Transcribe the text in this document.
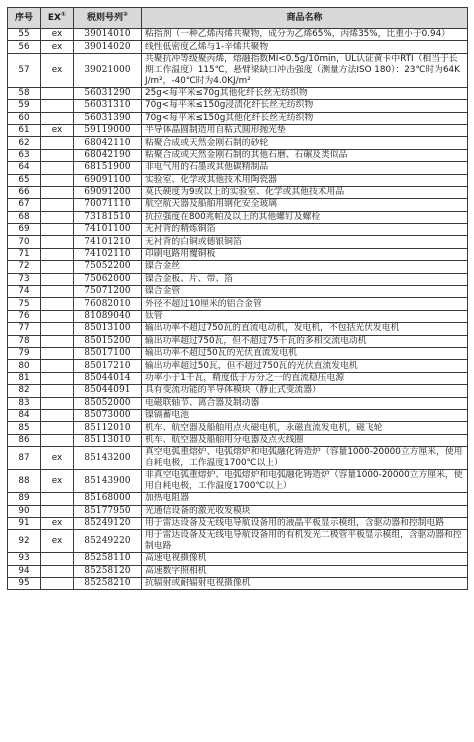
序号	EX①	税则号列②	商品名称
55	ex	39014010	粘指剂（一种乙烯丙烯共聚物，成分为乙烯65%，丙烯35%，比重小于0.94）
56	ex	39014020	线性低密度乙烯与1-辛烯共聚物
57	ex	39021000	共聚抗冲等级聚丙烯，熔融指数MI<0.5g/10min，UL认证黄卡中RTI（相当于长期工作温度）115℃，悬臂梁缺口冲击强度（测量方法ISO 180）：23℃时为64KJ/m²，-40℃时为4.0KJ/m²
58		56031290	25g<每平米≤70g其他化纤长丝无纺织物
59		56031310	70g<每平米≤150g浸渍化纤长丝无纺织物
60		56031390	70g<每平米≤150g其他化纤长丝无纺织物
61	ex	59119000	半导体晶圆制造用自粘式圆形抛光垫
62		68042110	粘聚合成或天然金刚石制的砂轮
63		68042190	粘聚合成或天然金刚石制的其他石磨、石碾及类似品
64		68151900	非电气用的石墨或其他碳精制品
65		69091100	实验室、化学或其他技术用陶瓷器
66		69091200	莫氏硬度为9或以上的实验室、化学或其他技术用品
67		70071110	航空航天器及船舶用钢化安全玻璃
68		73181510	抗拉强度在800兆帕及以上的其他螺钉及螺栓
69		74101100	无衬背的精炼铜箔
70		74101210	无衬背的白铜或德银铜箔
71		74102110	印刷电路用覆铜板
72		75052200	镍合金丝
73		75062000	镍合金板、片、带、箔
74		75071200	镍合金管
75		76082010	外径不超过10厘米的铝合金管
76		81089040	钛管
77		85013100	输出功率不超过750瓦的直流电动机，发电机，不包括光伏发电机
78		85015200	输出功率超过750瓦，但不超过75千瓦的多相交流电动机
79		85017100	输出功率不超过50瓦的光伏直流发电机
80		85017210	输出功率超过50瓦，但不超过750瓦的光伏直流发电机
81		85044014	功率小于1千瓦，精度低于万分之一的直流稳压电源
82		85044091	具有变流功能的半导体模块（静止式变流器）
83		85052000	电磁联轴节、离合器及制动器
84		85073000	镍镉蓄电池
85		85112010	机车、航空器及船舶用点火磁电机，永磁直流发电机，磁飞轮
86		85113010	机车、航空器及船舶用分电器及点火线圈
87	ex	85143200	真空电弧重熔炉、电弧熔炉和电弧融化铸造炉（容量1000-20000立方厘米，使用自耗电极，工作温度1700℃以上）
88	ex	85143900	非真空电弧重熔炉、电弧熔炉和电弧融化铸造炉（容量1000-20000立方厘米，使用自耗电极，工作温度1700℃以上）
89		85168000	加热电阻器
90		85177950	光通信设备的激光收发模块
91	ex	85249120	用于雷达设备及无线电导航设备用的液晶平板显示模组，含驱动器和控制电路
92	ex	85249220	用于雷达设备及无线电导航设备用的有机发光二极管平板显示模组，含驱动器和控制电路
93		85258110	高速电视摄像机
94		85258120	高速数字照相机
95		85258210	抗辐射或耐辐射电视摄像机
